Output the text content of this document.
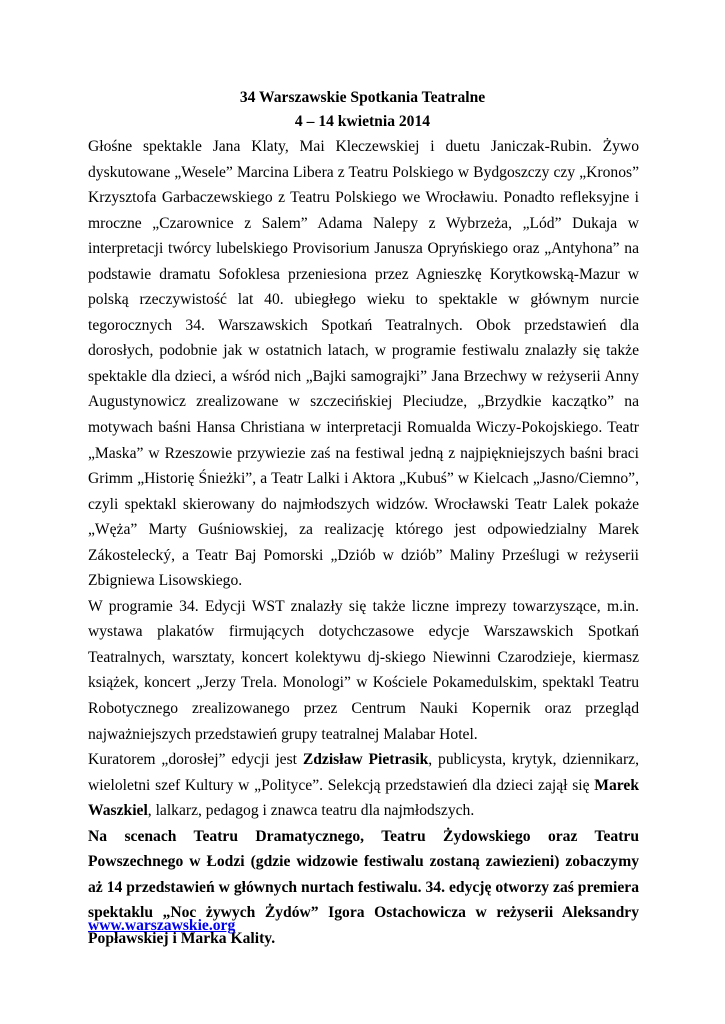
34 Warszawskie Spotkania Teatralne
4 – 14 kwietnia 2014

Głośne spektakle Jana Klaty, Mai Kleczewskiej i duetu Janiczak-Rubin. Żywo dyskutowane „Wesele” Marcina Libera z Teatru Polskiego w Bydgoszczy czy „Kronos” Krzysztofa Garbaczewskiego z Teatru Polskiego we Wrocławiu. Ponadto refleksyjne i mroczne „Czarownice z Salem” Adama Nalepy z Wybrzeża, „Lód” Dukaja w interpretacji twórcy lubelskiego Provisorium Janusza Opryńskiego oraz „Antyhona” na podstawie dramatu Sofoklesa przeniesiona przez Agnieszkę Korytkowską-Mazur w polską rzeczywistość lat 40. ubiegłego wieku to spektakle w głównym nurcie tegorocznych 34. Warszawskich Spotkań Teatralnych. Obok przedstawień dla dorosłych, podobnie jak w ostatnich latach, w programie festiwalu znalazły się także spektakle dla dzieci, a wśród nich „Bajki samograjki” Jana Brzechwy w reżyserii Anny Augustynowicz zrealizowane w szczecińskiej Pleciudze, „Brzydkie kaczątko” na motywach baśni Hansa Christiana w interpretacji Romualda Wiczy-Pokojskiego. Teatr „Maska” w Rzeszowie przywiezie zaś na festiwal jedną z najpiękniejszych baśni braci Grimm „Historię Śnieżki”, a Teatr Lalki i Aktora „Kubuś” w Kielcach „Jasno/Ciemno”, czyli spektakl skierowany do najmłodszych widzów. Wrocławski Teatr Lalek pokaże „Węża” Marty Guśniowskiej, za realizację którego jest odpowiedzialny Marek Zákostelecký, a Teatr Baj Pomorski „Dziób w dziób” Maliny Prześlugi w reżyserii Zbigniewa Lisowskiego.

W programie 34. Edycji WST znalazły się także liczne imprezy towarzyszące, m.in. wystawa plakatów firmujących dotychczasowe edycje Warszawskich Spotkań Teatralnych, warsztaty, koncert kolektywu dj-skiego Niewinni Czarodzieje, kiermasz książek, koncert „Jerzy Trela. Monologi” w Kościele Pokamedulskim, spektakl Teatru Robotycznego zrealizowanego przez Centrum Nauki Kopernik oraz przegląd najważniejszych przedstawień grupy teatralnej Malabar Hotel.

Kuratorem „dorosłej” edycji jest Zdzisław Pietrasik, publicysta, krytyk, dziennikarz, wieloletni szef Kultury w „Polityce”. Selekcją przedstawień dla dzieci zajął się Marek Waszkiel, lalkarz, pedagog i znawca teatru dla najmłodszych.

Na scenach Teatru Dramatycznego, Teatru Żydowskiego oraz Teatru Powszechnego w Łodzi (gdzie widzowie festiwalu zostaną zawiezieni) zobaczymy aż 14 przedstawień w głównych nurtach festiwalu. 34. edycję otworzy zaś premiera spektaklu „Noc żywych Żydów” Igora Ostachowicza w reżyserii Aleksandry Popławskiej i Marka Kality.

www.warszawskie.org
